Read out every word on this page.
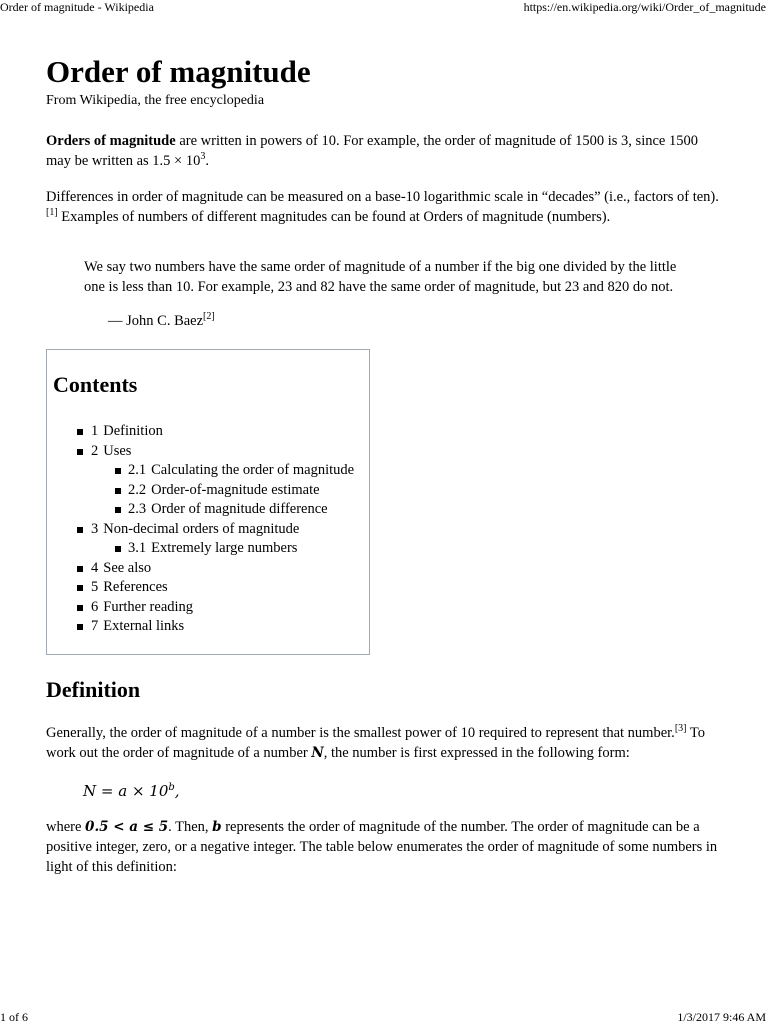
Order of magnitude - Wikipedia	https://en.wikipedia.org/wiki/Order_of_magnitude
Order of magnitude
From Wikipedia, the free encyclopedia

Orders of magnitude are written in powers of 10. For example, the order of magnitude of 1500 is 3, since 1500 may be written as $1.5 \times 10^3$.

Differences in order of magnitude can be measured on a base-10 logarithmic scale in “decades” (i.e., factors of ten).[1] Examples of numbers of different magnitudes can be found at Orders of magnitude (numbers).

We say two numbers have the same order of magnitude of a number if the big one divided by the little one is less than 10. For example, 23 and 82 have the same order of magnitude, but 23 and 820 do not.
— John C. Baez[2]
Contents
1 Definition
2 Uses
2.1 Calculating the order of magnitude
2.2 Order-of-magnitude estimate
2.3 Order of magnitude difference
3 Non-decimal orders of magnitude
3.1 Extremely large numbers
4 See also
5 References
6 Further reading
7 External links
Definition

Generally, the order of magnitude of a number is the smallest power of 10 required to represent that number.[3] To work out the order of magnitude of a number N, the number is first expressed in the following form:

$N = a \times 10^b$,

where 0.5 < a ≤ 5. Then, b represents the order of magnitude of the number. The order of magnitude can be a positive integer, zero, or a negative integer. The table below enumerates the order of magnitude of some numbers in light of this definition:

1 of 6	1/3/2017 9:46 AM
